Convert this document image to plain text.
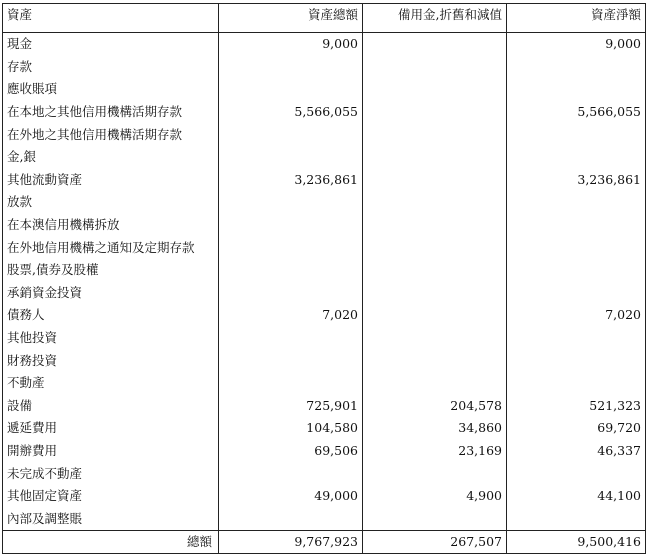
資產	資產總額	備用金,折舊和減值	資產淨額
現金	9,000		9,000
存款			
應收賬項			
在本地之其他信用機構活期存款	5,566,055		5,566,055
在外地之其他信用機構活期存款			
金,銀			
其他流動資產	3,236,861		3,236,861
放款			
在本澳信用機構拆放			
在外地信用機構之通知及定期存款			
股票,債券及股權			
承銷資金投資			
債務人	7,020		7,020
其他投資			
財務投資			
不動產			
設備	725,901	204,578	521,323
遞延費用	104,580	34,860	69,720
開辦費用	69,506	23,169	46,337
未完成不動產			
其他固定資產	49,000	4,900	44,100
內部及調整賬			
總額	9,767,923	267,507	9,500,416
